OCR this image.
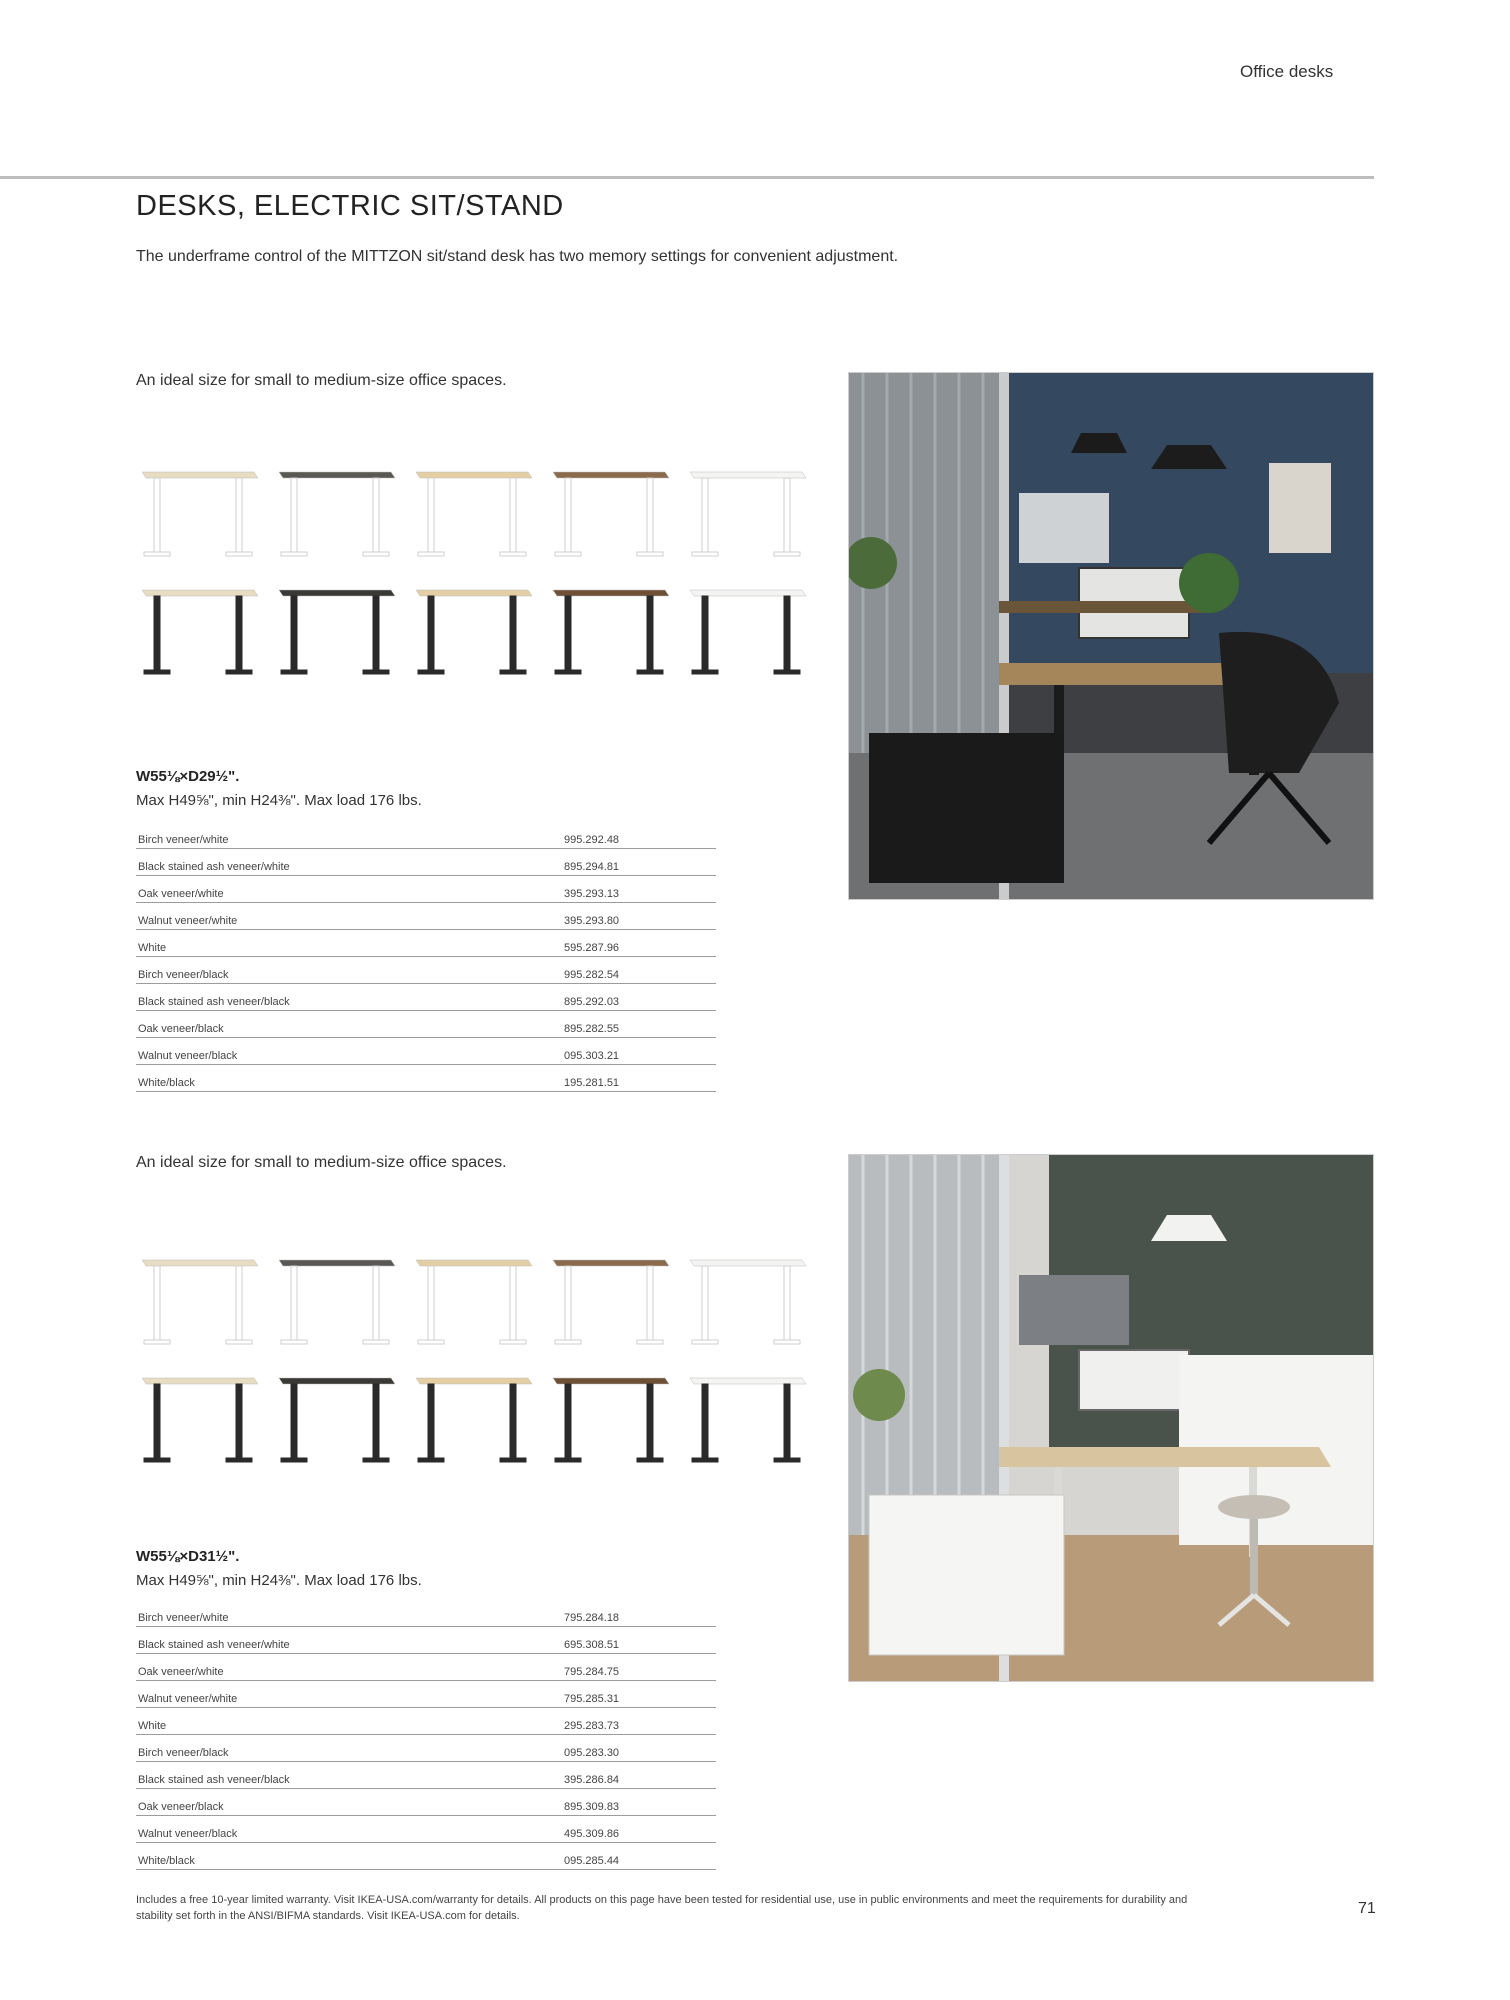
Office desks
DESKS, ELECTRIC SIT/STAND
The underframe control of the MITTZON sit/stand desk has two memory settings for convenient adjustment.
An ideal size for small to medium-size office spaces.
W55⅛×D29½".
Max H49⅝", min H24⅜". Max load 176 lbs.
Birch veneer/white	995.292.48
Black stained ash veneer/white	895.294.81
Oak veneer/white	395.293.13
Walnut veneer/white	395.293.80
White	595.287.96
Birch veneer/black	995.282.54
Black stained ash veneer/black	895.292.03
Oak veneer/black	895.282.55
Walnut veneer/black	095.303.21
White/black	195.281.51
An ideal size for small to medium-size office spaces.
W55⅛×D31½".
Max H49⅝", min H24⅜". Max load 176 lbs.
Birch veneer/white	795.284.18
Black stained ash veneer/white	695.308.51
Oak veneer/white	795.284.75
Walnut veneer/white	795.285.31
White	295.283.73
Birch veneer/black	095.283.30
Black stained ash veneer/black	395.286.84
Oak veneer/black	895.309.83
Walnut veneer/black	495.309.86
White/black	095.285.44
Includes a free 10-year limited warranty. Visit IKEA-USA.com/warranty for details. All products on this page have been tested for residential use, use in public environments and meet the requirements for durability and stability set forth in the ANSI/BIFMA standards. Visit IKEA-USA.com for details.	71
